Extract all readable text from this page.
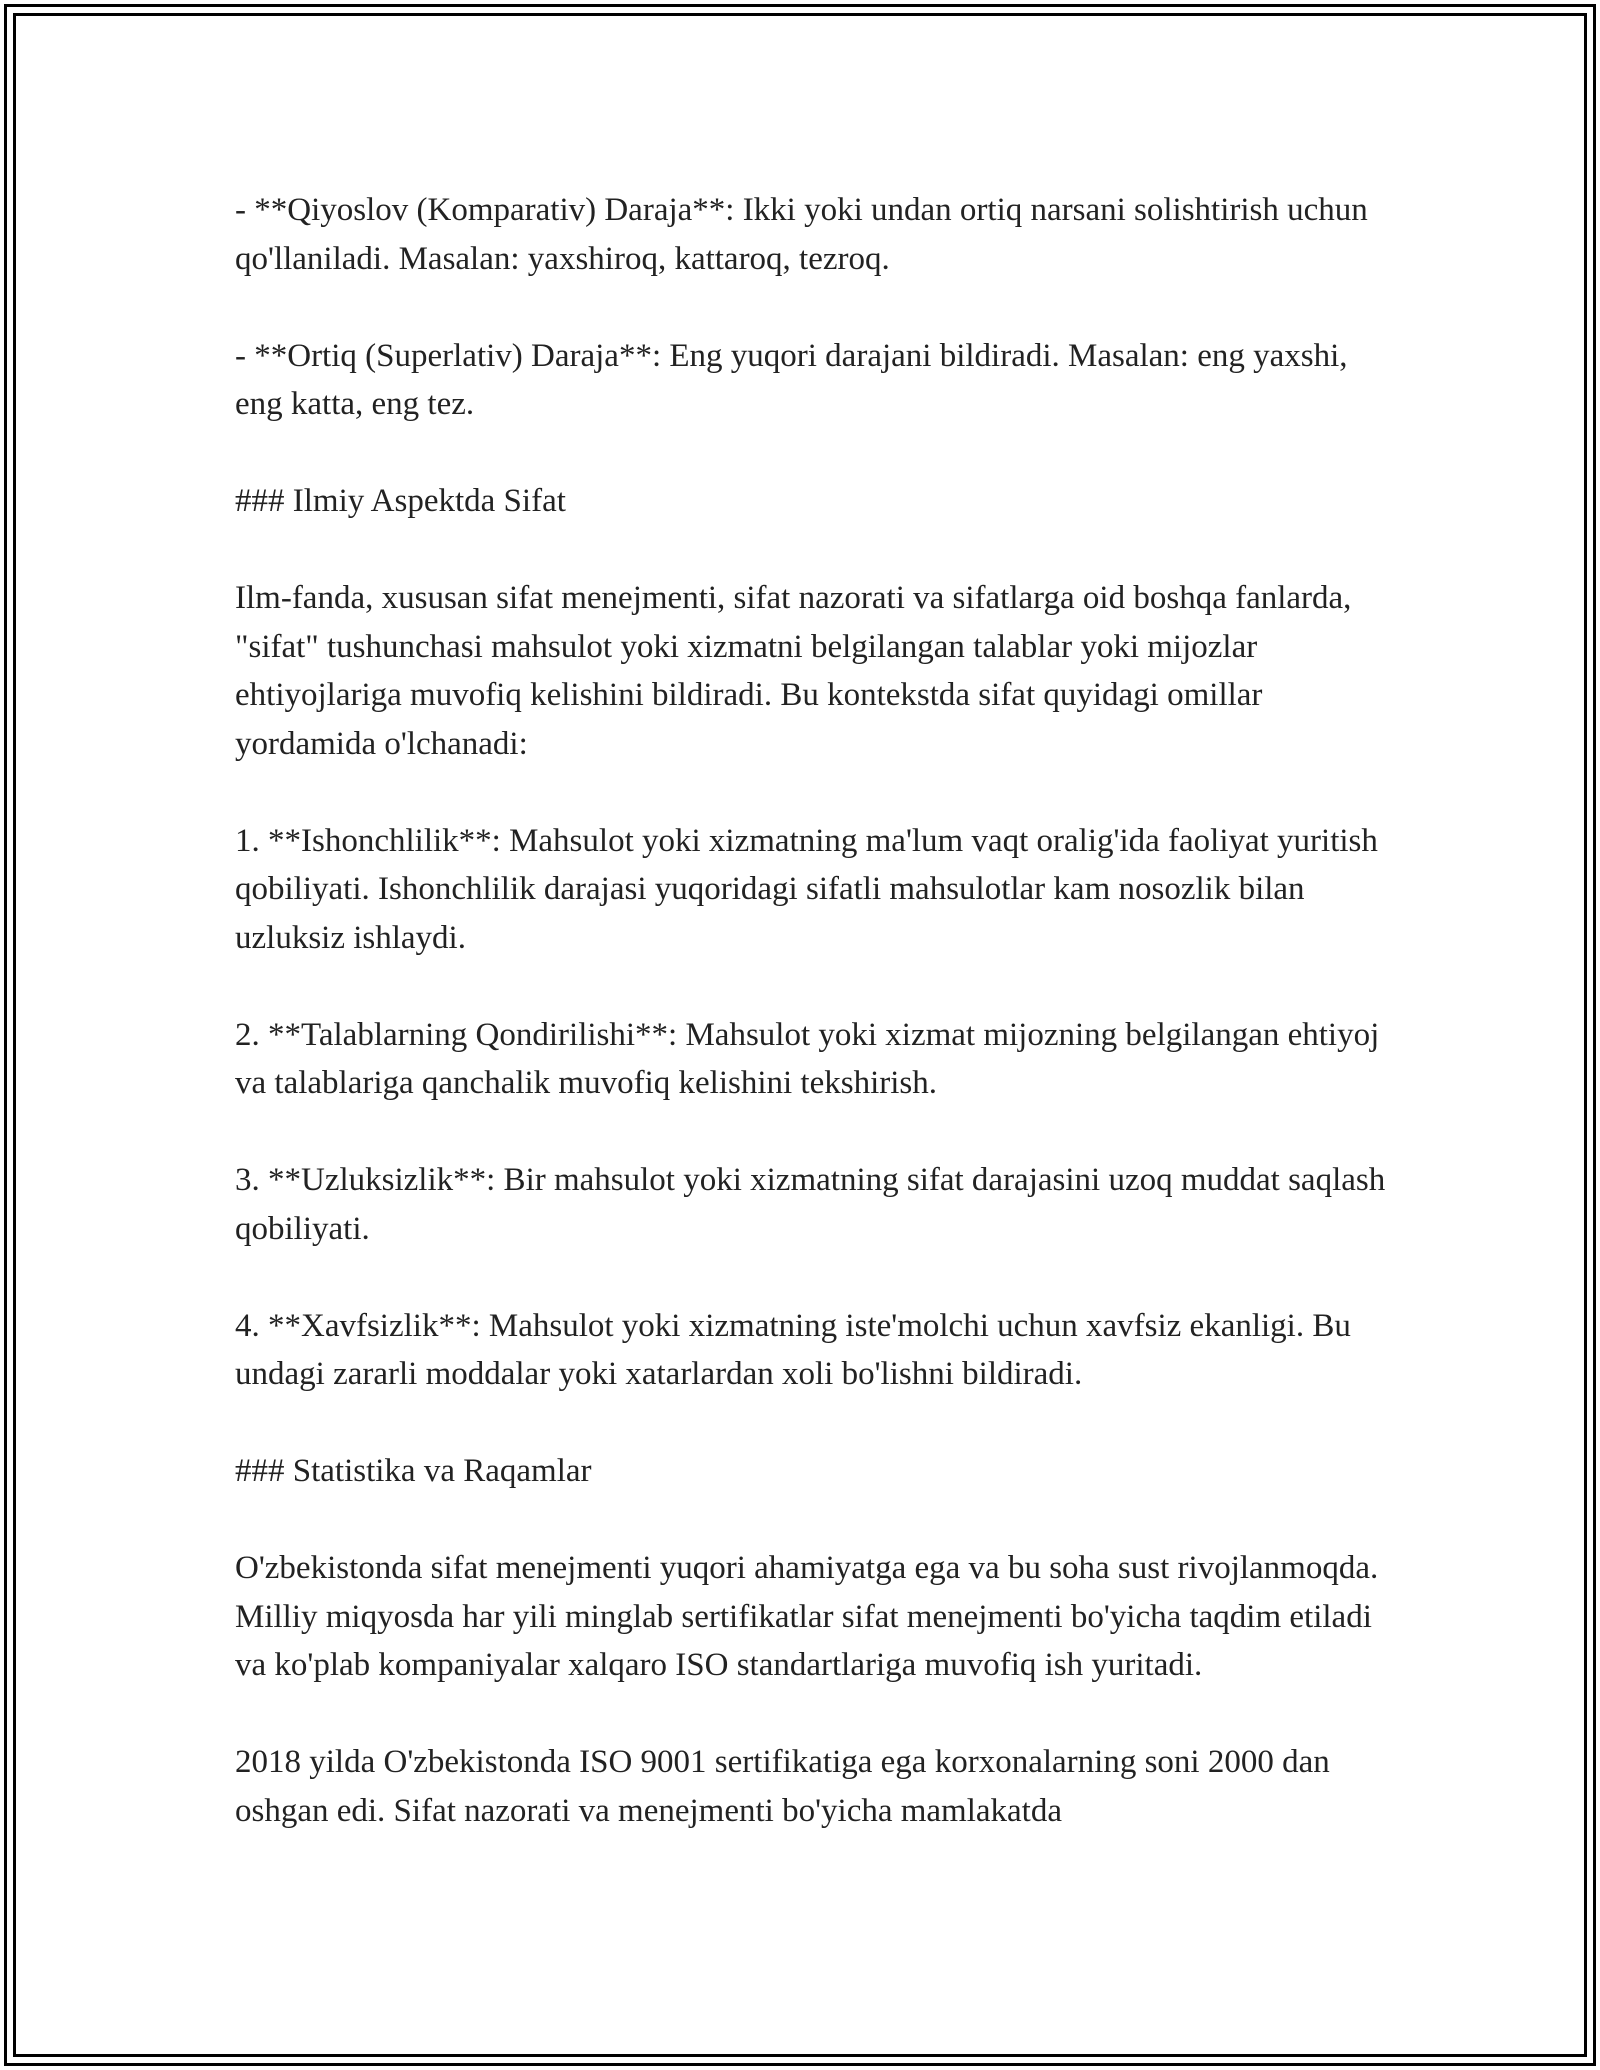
- **Qiyoslov (Komparativ) Daraja**: Ikki yoki undan ortiq narsani solishtirish uchun qo'llaniladi. Masalan: yaxshiroq, kattaroq, tezroq.

- **Ortiq (Superlativ) Daraja**: Eng yuqori darajani bildiradi. Masalan: eng yaxshi, eng katta, eng tez.

### Ilmiy Aspektda Sifat

Ilm-fanda, xususan sifat menejmenti, sifat nazorati va sifatlarga oid boshqa fanlarda, "sifat" tushunchasi mahsulot yoki xizmatni belgilangan talablar yoki mijozlar ehtiyojlariga muvofiq kelishini bildiradi. Bu kontekstda sifat quyidagi omillar yordamida o'lchanadi:

1. **Ishonchlilik**: Mahsulot yoki xizmatning ma'lum vaqt oralig'ida faoliyat yuritish qobiliyati. Ishonchlilik darajasi yuqoridagi sifatli mahsulotlar kam nosozlik bilan uzluksiz ishlaydi.

2. **Talablarning Qondirilishi**: Mahsulot yoki xizmat mijozning belgilangan ehtiyoj va talablariga qanchalik muvofiq kelishini tekshirish.

3. **Uzluksizlik**: Bir mahsulot yoki xizmatning sifat darajasini uzoq muddat saqlash qobiliyati.

4. **Xavfsizlik**: Mahsulot yoki xizmatning iste'molchi uchun xavfsiz ekanligi. Bu undagi zararli moddalar yoki xatarlardan xoli bo'lishni bildiradi.

### Statistika va Raqamlar

O'zbekistonda sifat menejmenti yuqori ahamiyatga ega va bu soha sust rivojlanmoqda. Milliy miqyosda har yili minglab sertifikatlar sifat menejmenti bo'yicha taqdim etiladi va ko'plab kompaniyalar xalqaro ISO standartlariga muvofiq ish yuritadi.

2018 yilda O'zbekistonda ISO 9001 sertifikatiga ega korxonalarning soni 2000 dan oshgan edi. Sifat nazorati va menejmenti bo'yicha mamlakatda
